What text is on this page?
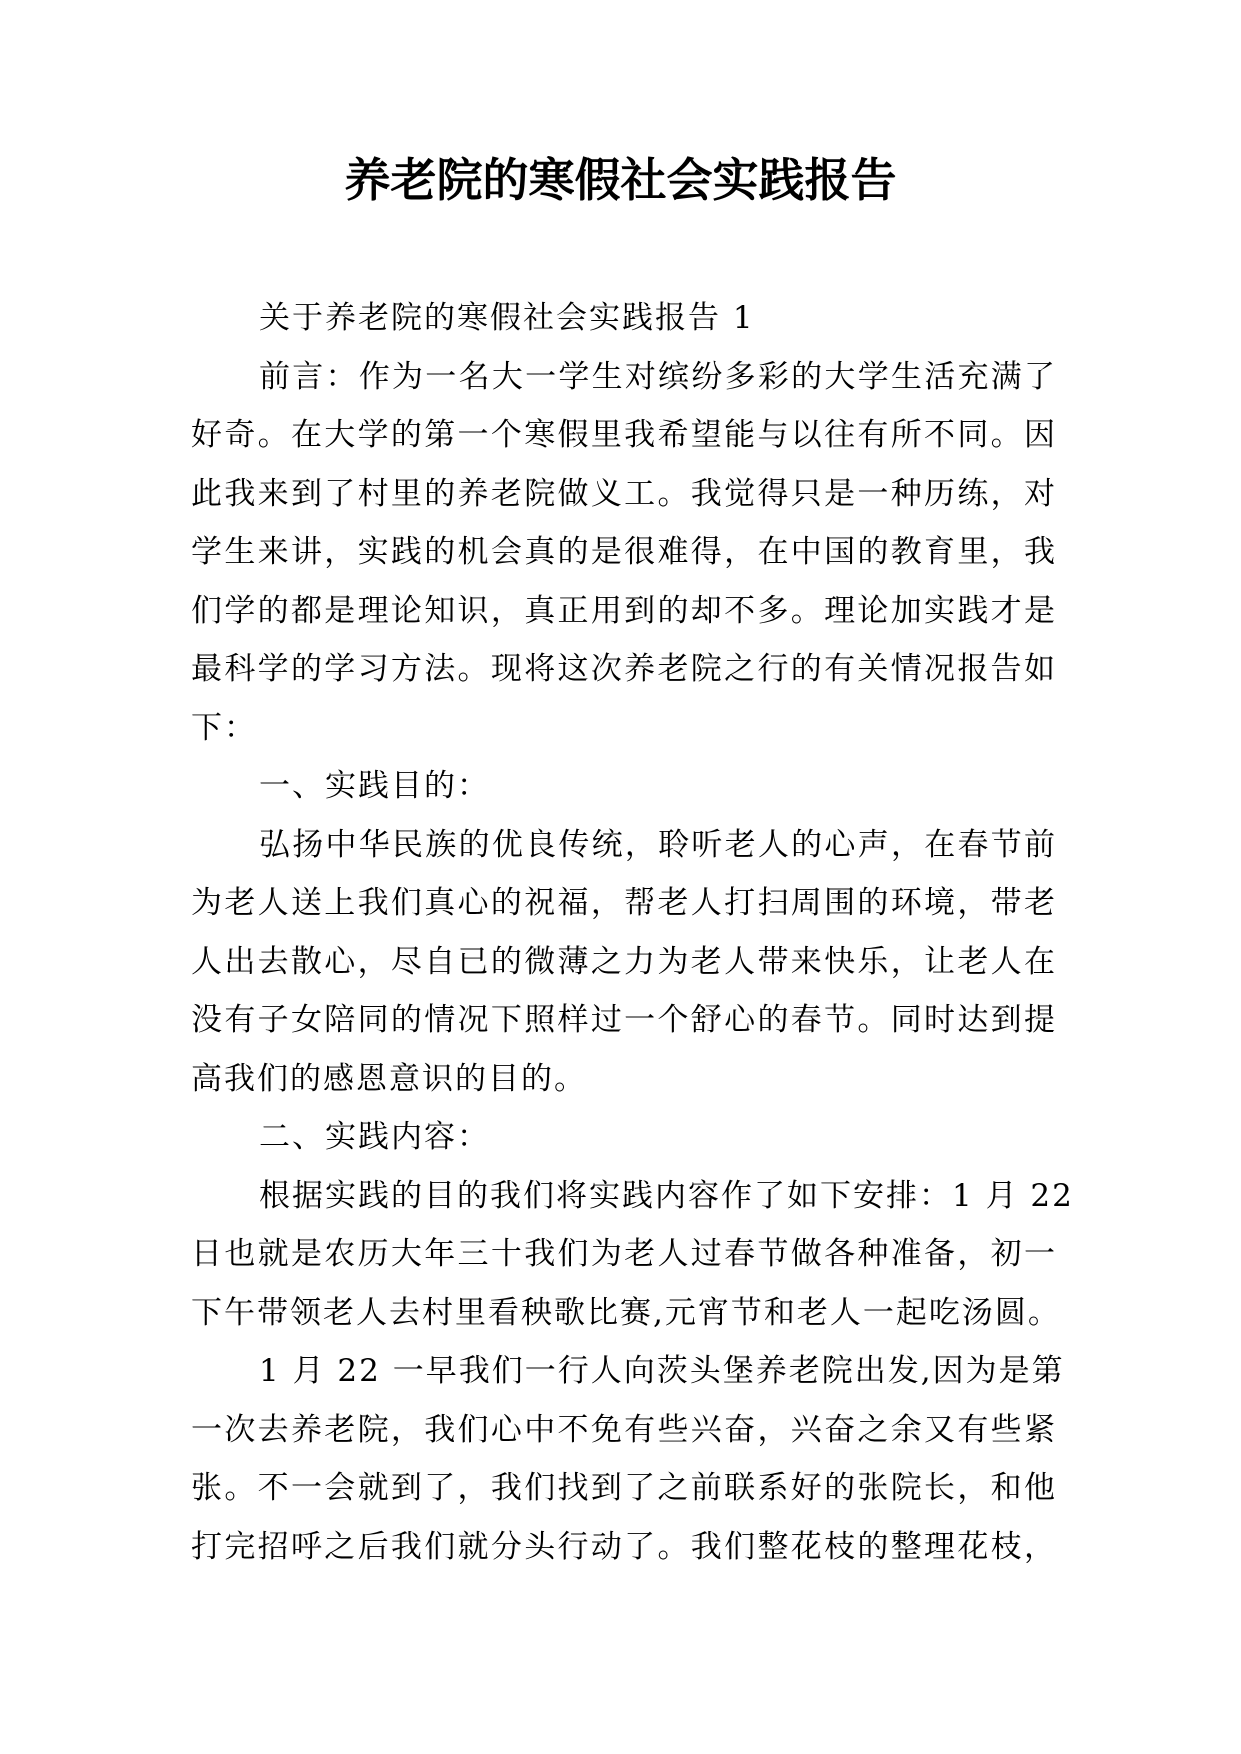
养老院的寒假社会实践报告
关于养老院的寒假社会实践报告 1
前言：作为一名大一学生对缤纷多彩的大学生活充满了
好奇。在大学的第一个寒假里我希望能与以往有所不同。因
此我来到了村里的养老院做义工。我觉得只是一种历练，对
学生来讲，实践的机会真的是很难得，在中国的教育里，我
们学的都是理论知识，真正用到的却不多。理论加实践才是
最科学的学习方法。现将这次养老院之行的有关情况报告如
下：
一、实践目的：
弘扬中华民族的优良传统，聆听老人的心声，在春节前
为老人送上我们真心的祝福，帮老人打扫周围的环境，带老
人出去散心，尽自已的微薄之力为老人带来快乐，让老人在
没有子女陪同的情况下照样过一个舒心的春节。同时达到提
高我们的感恩意识的目的。
二、实践内容：
根据实践的目的我们将实践内容作了如下安排：1 月 22
日也就是农历大年三十我们为老人过春节做各种准备，初一
下午带领老人去村里看秧歌比赛,元宵节和老人一起吃汤圆。
1 月 22 一早我们一行人向茨头堡养老院出发,因为是第
一次去养老院，我们心中不免有些兴奋，兴奋之余又有些紧
张。不一会就到了，我们找到了之前联系好的张院长，和他
打完招呼之后我们就分头行动了。我们整花枝的整理花枝，
